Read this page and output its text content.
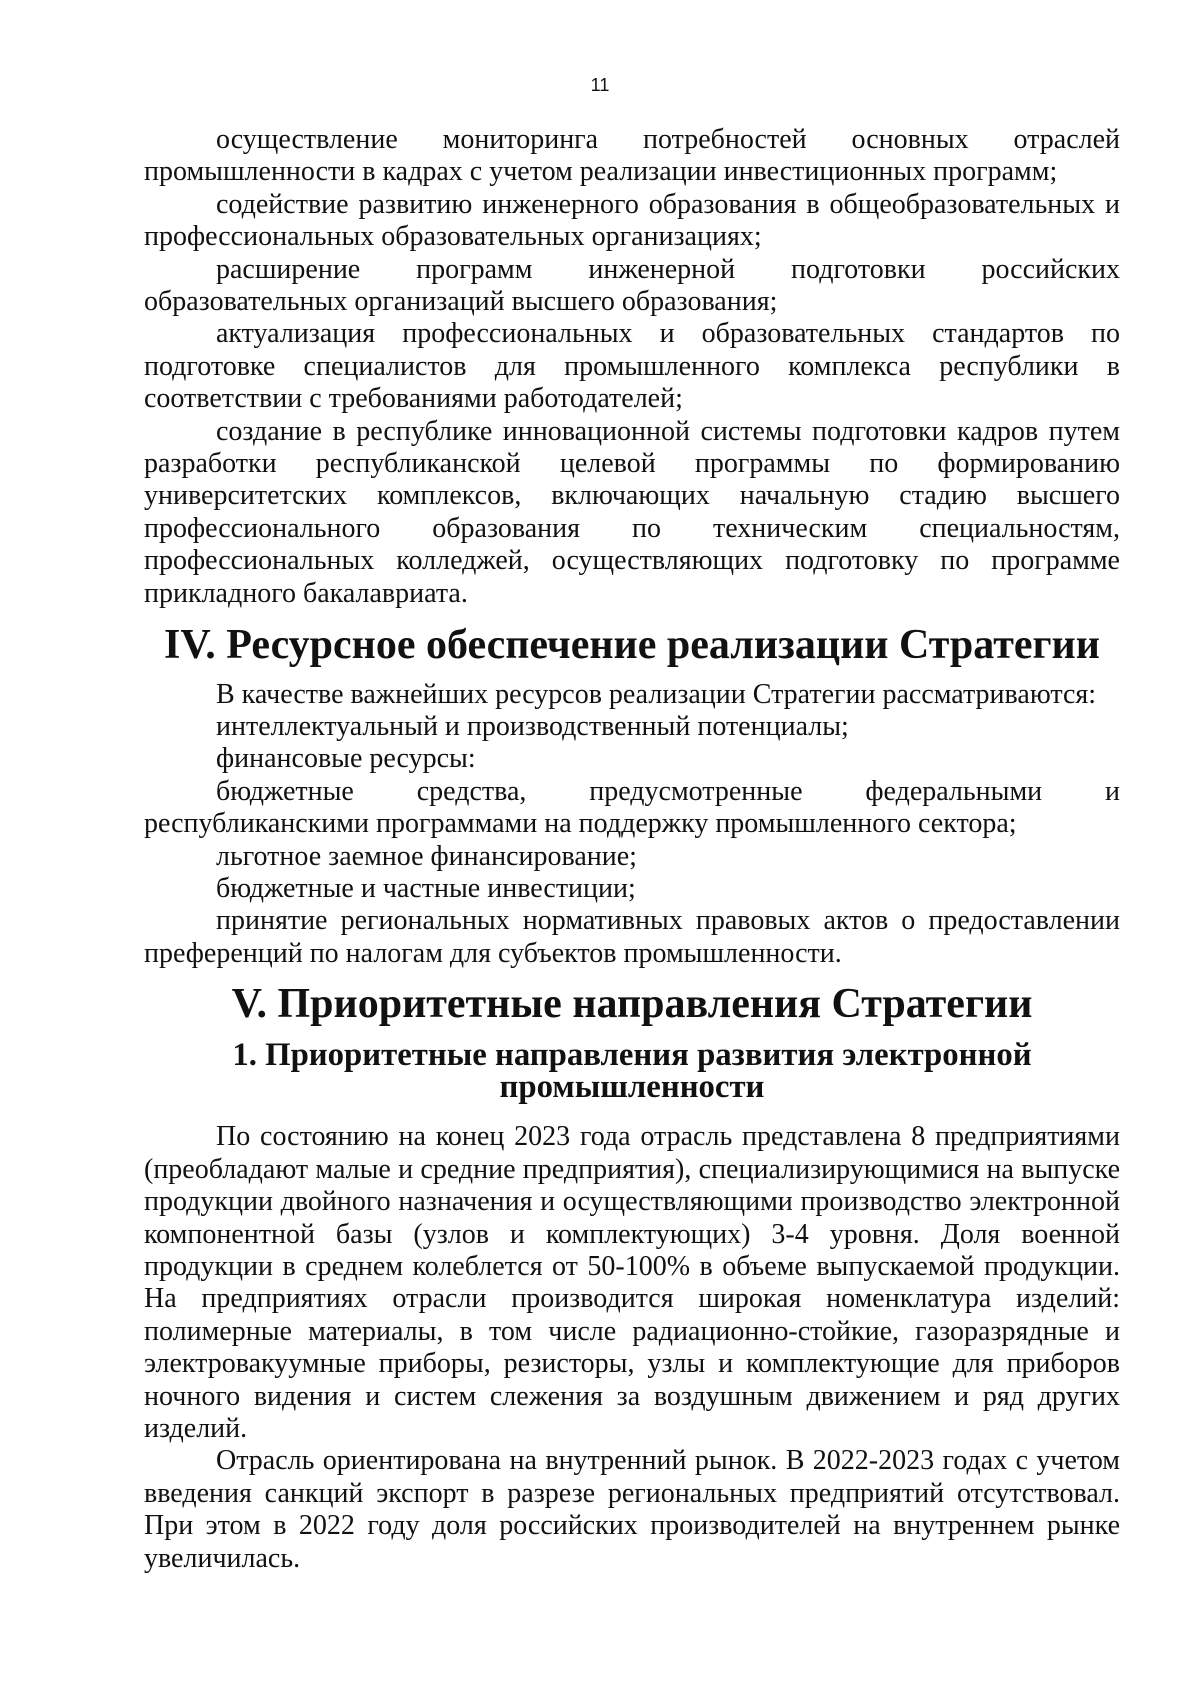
11

осуществление мониторинга потребностей основных отраслей промышленности в кадрах с учетом реализации инвестиционных программ;

содействие развитию инженерного образования в общеобразовательных и профессиональных образовательных организациях;

расширение программ инженерной подготовки российских образовательных организаций высшего образования;

актуализация профессиональных и образовательных стандартов по подготовке специалистов для промышленного комплекса республики в соответствии с требованиями работодателей;

создание в республике инновационной системы подготовки кадров путем разработки республиканской целевой программы по формированию университетских комплексов, включающих начальную стадию высшего профессионального образования по техническим специальностям, профессиональных колледжей, осуществляющих подготовку по программе прикладного бакалавриата.

IV. Ресурсное обеспечение реализации Стратегии

В качестве важнейших ресурсов реализации Стратегии рассматриваются:

интеллектуальный и производственный потенциалы;

финансовые ресурсы:

бюджетные средства, предусмотренные федеральными и республиканскими программами на поддержку промышленного сектора;

льготное заемное финансирование;

бюджетные и частные инвестиции;

принятие региональных нормативных правовых актов о предоставлении преференций по налогам для субъектов промышленности.

V. Приоритетные направления Стратегии
1. Приоритетные направления развития электронной промышленности

По состоянию на конец 2023 года отрасль представлена 8 предприятиями (преобладают малые и средние предприятия), специализирующимися на выпуске продукции двойного назначения и осуществляющими производство электронной компонентной базы (узлов и комплектующих) 3-4 уровня. Доля военной продукции в среднем колеблется от 50-100% в объеме выпускаемой продукции. На предприятиях отрасли производится широкая номенклатура изделий: полимерные материалы, в том числе радиационно-стойкие, газоразрядные и электровакуумные приборы, резисторы, узлы и комплектующие для приборов ночного видения и систем слежения за воздушным движением и ряд других изделий.

Отрасль ориентирована на внутренний рынок. В 2022-2023 годах с учетом введения санкций экспорт в разрезе региональных предприятий отсутствовал. При этом в 2022 году доля российских производителей на внутреннем рынке увеличилась.
